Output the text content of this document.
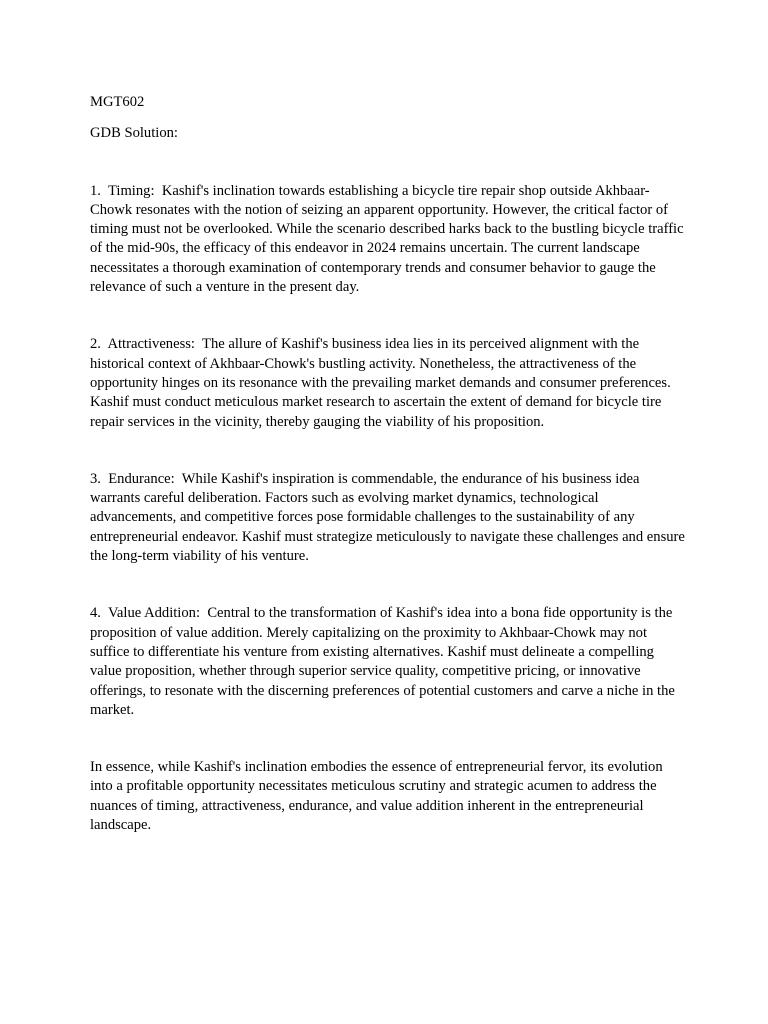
MGT602

GDB Solution:

1. Timing: Kashif's inclination towards establishing a bicycle tire repair shop outside Akhbaar-Chowk resonates with the notion of seizing an apparent opportunity. However, the critical factor of timing must not be overlooked. While the scenario described harks back to the bustling bicycle traffic of the mid-90s, the efficacy of this endeavor in 2024 remains uncertain. The current landscape necessitates a thorough examination of contemporary trends and consumer behavior to gauge the relevance of such a venture in the present day.

2. Attractiveness: The allure of Kashif's business idea lies in its perceived alignment with the historical context of Akhbaar-Chowk's bustling activity. Nonetheless, the attractiveness of the opportunity hinges on its resonance with the prevailing market demands and consumer preferences. Kashif must conduct meticulous market research to ascertain the extent of demand for bicycle tire repair services in the vicinity, thereby gauging the viability of his proposition.

3. Endurance: While Kashif's inspiration is commendable, the endurance of his business idea warrants careful deliberation. Factors such as evolving market dynamics, technological advancements, and competitive forces pose formidable challenges to the sustainability of any entrepreneurial endeavor. Kashif must strategize meticulously to navigate these challenges and ensure the long-term viability of his venture.

4. Value Addition: Central to the transformation of Kashif's idea into a bona fide opportunity is the proposition of value addition. Merely capitalizing on the proximity to Akhbaar-Chowk may not suffice to differentiate his venture from existing alternatives. Kashif must delineate a compelling value proposition, whether through superior service quality, competitive pricing, or innovative offerings, to resonate with the discerning preferences of potential customers and carve a niche in the market.

In essence, while Kashif's inclination embodies the essence of entrepreneurial fervor, its evolution into a profitable opportunity necessitates meticulous scrutiny and strategic acumen to address the nuances of timing, attractiveness, endurance, and value addition inherent in the entrepreneurial landscape.
